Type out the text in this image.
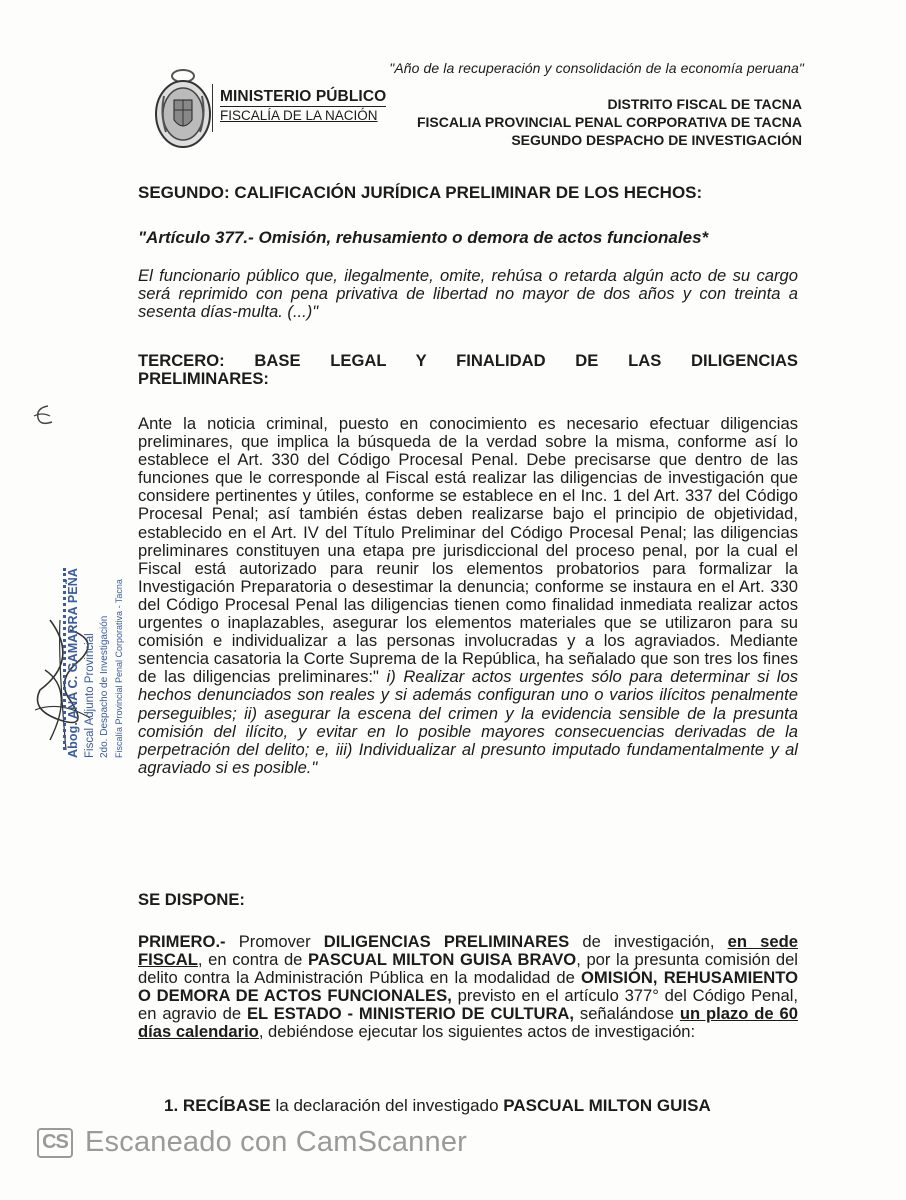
"Año de la recuperación y consolidación de la economía peruana"
MINISTERIO PÚBLICO
FISCALÍA DE LA NACIÓN
DISTRITO FISCAL DE TACNA
FISCALIA PROVINCIAL PENAL CORPORATIVA DE TACNA
SEGUNDO DESPACHO DE INVESTIGACIÓN
SEGUNDO: CALIFICACIÓN JURÍDICA PRELIMINAR DE LOS HECHOS:
"Artículo 377.- Omisión, rehusamiento o demora de actos funcionales*
El funcionario público que, ilegalmente, omite, rehúsa o retarda algún acto de su cargo será reprimido con pena privativa de libertad no mayor de dos años y con treinta a sesenta días-multa. (...)"
TERCERO: BASE LEGAL Y FINALIDAD DE LAS DILIGENCIAS
PRELIMINARES:
Ante la noticia criminal, puesto en conocimiento es necesario efectuar diligencias preliminares, que implica la búsqueda de la verdad sobre la misma, conforme así lo establece el Art. 330 del Código Procesal Penal. Debe precisarse que dentro de las funciones que le corresponde al Fiscal está realizar las diligencias de investigación que considere pertinentes y útiles, conforme se establece en el Inc. 1 del Art. 337 del Código Procesal Penal; así también éstas deben realizarse bajo el principio de objetividad, establecido en el Art. IV del Título Preliminar del Código Procesal Penal; las diligencias preliminares constituyen una etapa pre jurisdiccional del proceso penal, por la cual el Fiscal está autorizado para reunir los elementos probatorios para formalizar la Investigación Preparatoria o desestimar la denuncia; conforme se instaura en el Art. 330 del Código Procesal Penal las diligencias tienen como finalidad inmediata realizar actos urgentes o inaplazables, asegurar los elementos materiales que se utilizaron para su comisión e individualizar a las personas involucradas y a los agraviados. Mediante sentencia casatoria la Corte Suprema de la República, ha señalado que son tres los fines de las diligencias preliminares:" i) Realizar actos urgentes sólo para determinar si los hechos denunciados son reales y si además configuran uno o varios ilícitos penalmente perseguibles; ii) asegurar la escena del crimen y la evidencia sensible de la presunta comisión del ilícito, y evitar en lo posible mayores consecuencias derivadas de la perpetración del delito; e, iii) Individualizar al presunto imputado fundamentalmente y al agraviado si es posible."
SE DISPONE:
PRIMERO.- Promover DILIGENCIAS PRELIMINARES de investigación, en sede FISCAL, en contra de PASCUAL MILTON GUISA BRAVO, por la presunta comisión del delito contra la Administración Pública en la modalidad de OMISIÓN, REHUSAMIENTO O DEMORA DE ACTOS FUNCIONALES, previsto en el artículo 377° del Código Penal, en agravio de EL ESTADO - MINISTERIO DE CULTURA, señalándose un plazo de 60 días calendario, debiéndose ejecutar los siguientes actos de investigación:
1. RECÍBASE la declaración del investigado PASCUAL MILTON GUISA
Abog. ANA C. GAMARRA PEÑA Fiscal Adjunto Provincial 2do. Despacho de Investigación Fiscalía Provincial Penal Corporativa - Tacna
CS Escaneado con CamScanner
